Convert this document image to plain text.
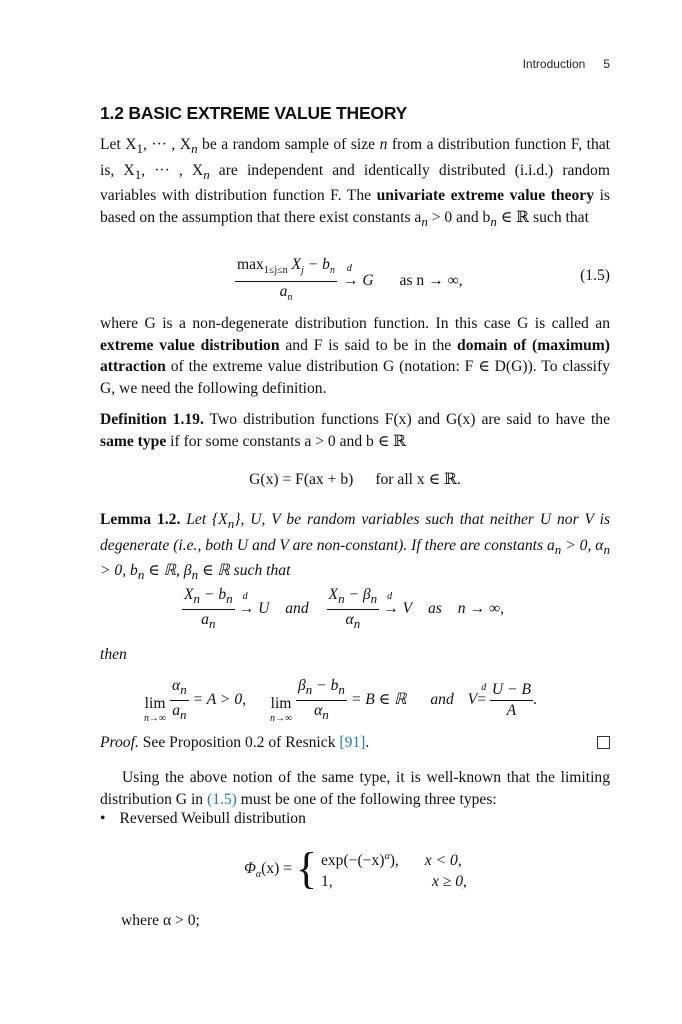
Introduction 5
1.2 BASIC EXTREME VALUE THEORY
Let $X_1$, ··· , $X_n$ be a random sample of size n from a distribution function F, that is, $X_1$, ··· , $X_n$ are independent and identically distributed (i.i.d.) random variables with distribution function F. The univariate extreme value theory is based on the assumption that there exist constants $a_n > 0$ and $b_n$ ∈ ℝ such that
$\frac{\max_{1\le j\le n} X_j - b_n}{a_n}$
d
→ G as n → ∞,	(1.5)
where G is a non-degenerate distribution function. In this case G is called an extreme value distribution and F is said to be in the domain of (maximum) attraction of the extreme value distribution G (notation: F ∈ D(G)). To classify G, we need the following definition.
Definition 1.19. Two distribution functions F(x) and G(x) are said to have the same type if for some constants a > 0 and b ∈ ℝ
G(x) = F(ax + b) for all x ∈ ℝ.
Lemma 1.2. Let $\{X_n\}$, U, V be random variables such that neither U nor V is degenerate (i.e., both U and V are non-constant). If there are constants $a_n > 0$, $\alpha_n > 0$, $b_n$ ∈ ℝ, $\beta_n$ ∈ ℝ such that
$\frac{X_n - b_n}{a_n}$
d
→ U and $\frac{X_n - \beta_n}{\alpha_n}$
d
→ V as n → ∞,
then
lim
n→∞
$\frac{\alpha_n}{a_n} = A > 0$, lim
n→∞
$\frac{\beta_n - b_n}{\alpha_n} = B$ ∈ ℝ and V
d
= $\frac{U - B}{A}$ .
Proof. See Proposition 0.2 of Resnick [91].
Using the above notion of the same type, it is well-known that the limiting distribution G in (1.5) must be one of the following three types:
• Reversed Weibull distribution
$\Phi_\alpha(x)$ = { $\exp(-(-x)^\alpha)$, x < 0,
1,	x ≥ 0,
where α > 0;
